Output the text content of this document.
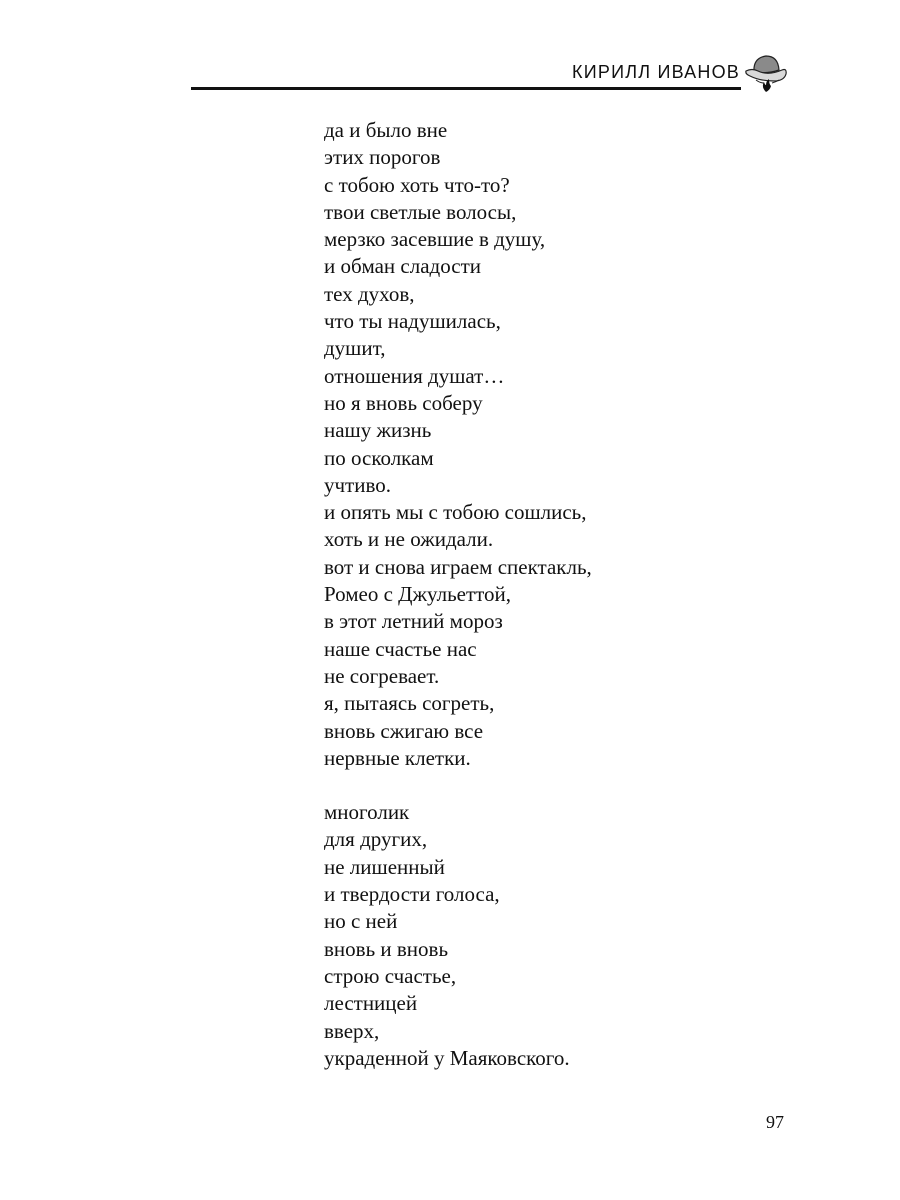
КИРИЛЛ ИВАНОВ
да и было вне
этих порогов
с тобою хоть что-то?
твои светлые волосы,
мерзко засевшие в душу,
и обман сладости
тех духов,
что ты надушилась,
душит,
отношения душат…
но я вновь соберу
нашу жизнь
по осколкам
учтиво.
и опять мы с тобою сошлись,
хоть и не ожидали.
вот и снова играем спектакль,
Ромео с Джульеттой,
в этот летний мороз
наше счастье нас
не согревает.
я, пытаясь согреть,
вновь сжигаю все
нервные клетки.
многолик
для других,
не лишенный
и твердости голоса,
но с ней
вновь и вновь
строю счастье,
лестницей
вверх,
украденной у Маяковского.
97
